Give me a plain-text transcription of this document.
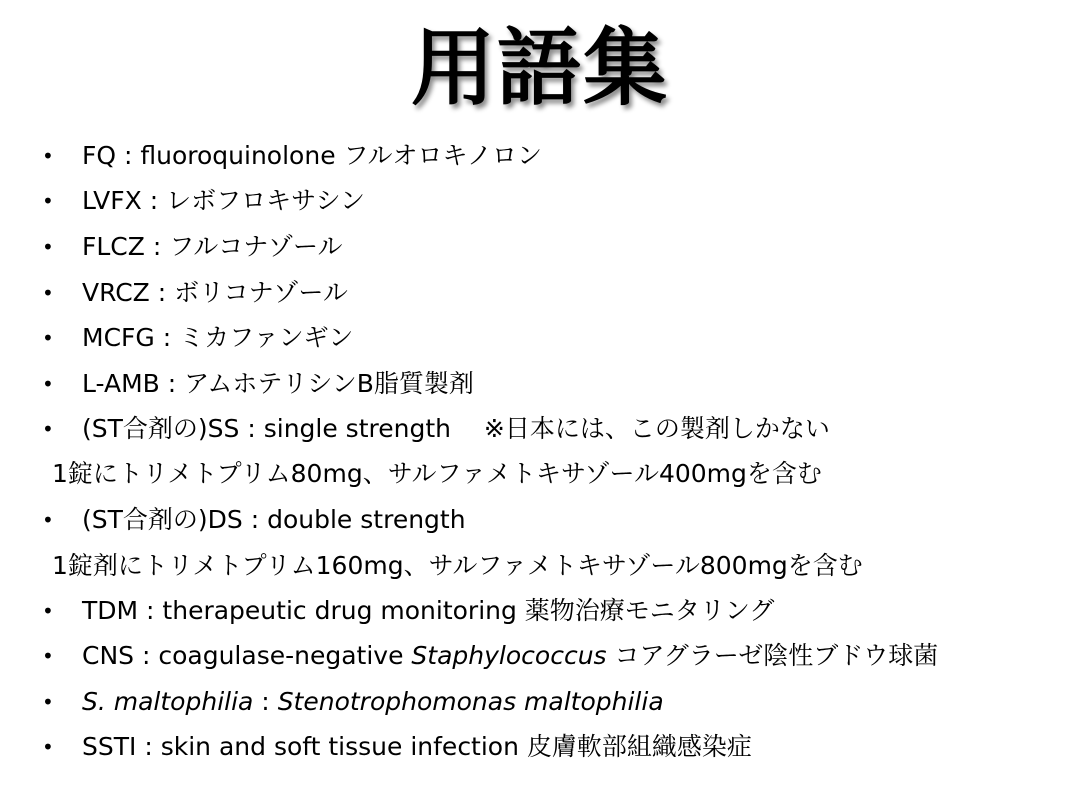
用語集
• FQ : fluoroquinolone フルオロキノロン
• LVFX : レボフロキサシン
• FLCZ : フルコナゾール
• VRCZ : ボリコナゾール
• MCFG : ミカファンギン
• L-AMB : アムホテリシンB脂質製剤
• (ST合剤の)SS : single strength　 ※日本には、この製剤しかない
1錠にトリメトプリム80mg、サルファメトキサゾール400mgを含む
• (ST合剤の)DS : double strength
1錠剤にトリメトプリム160mg、サルファメトキサゾール800mgを含む
• TDM : therapeutic drug monitoring 薬物治療モニタリング
• CNS : coagulase-negative Staphylococcus コアグラーゼ陰性ブドウ球菌
• S. maltophilia : Stenotrophomonas maltophilia
• SSTI : skin and soft tissue infection 皮膚軟部組織感染症
